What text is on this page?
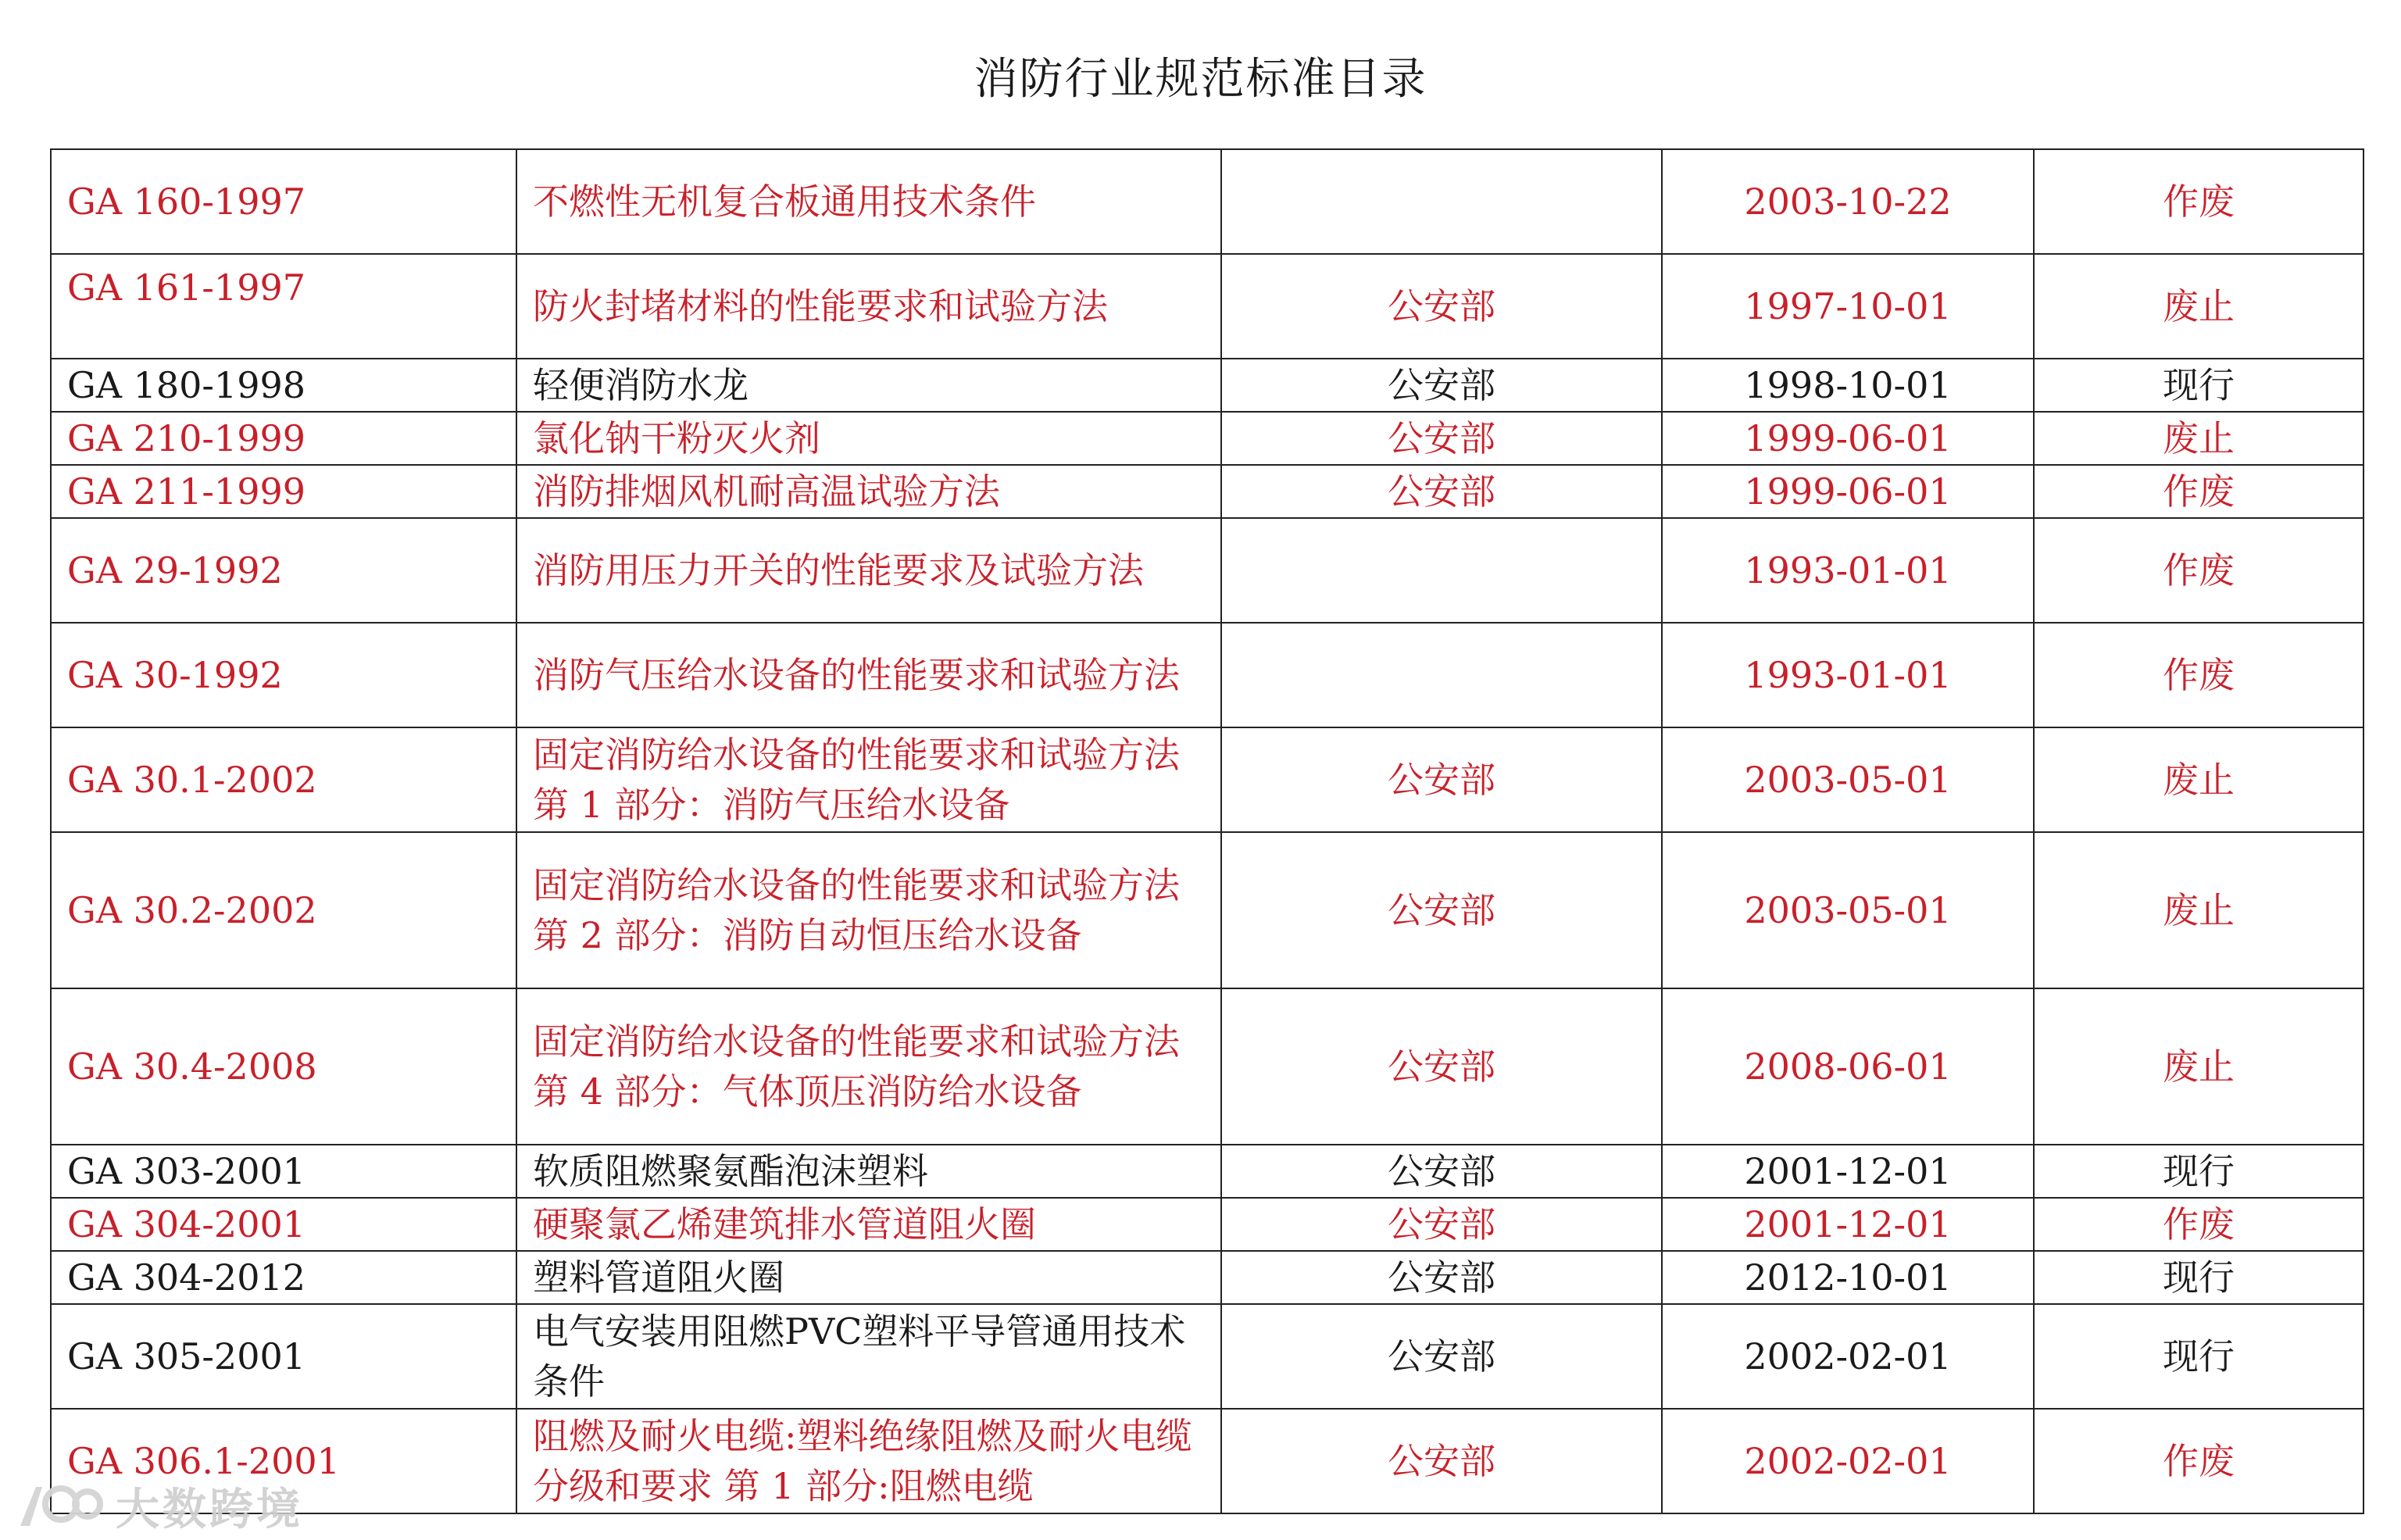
消防行业规范标准目录
GA 160-1997	不燃性无机复合板通用技术条件		2003-10-22	作废
GA 161-1997	防火封堵材料的性能要求和试验方法	公安部	1997-10-01	废止
GA 180-1998	轻便消防水龙	公安部	1998-10-01	现行
GA 210-1999	氯化钠干粉灭火剂	公安部	1999-06-01	废止
GA 211-1999	消防排烟风机耐高温试验方法	公安部	1999-06-01	作废
GA 29-1992	消防用压力开关的性能要求及试验方法		1993-01-01	作废
GA 30-1992	消防气压给水设备的性能要求和试验方法		1993-01-01	作废
GA 30.1-2002	固定消防给水设备的性能要求和试验方法 第 1 部分：消防气压给水设备	公安部	2003-05-01	废止
GA 30.2-2002	固定消防给水设备的性能要求和试验方法 第 2 部分：消防自动恒压给水设备	公安部	2003-05-01	废止
GA 30.4-2008	固定消防给水设备的性能要求和试验方法 第 4 部分：气体顶压消防给水设备	公安部	2008-06-01	废止
GA 303-2001	软质阻燃聚氨酯泡沫塑料	公安部	2001-12-01	现行
GA 304-2001	硬聚氯乙烯建筑排水管道阻火圈	公安部	2001-12-01	作废
GA 304-2012	塑料管道阻火圈	公安部	2012-10-01	现行
GA 305-2001	电气安装用阻燃PVC塑料平导管通用技术条件	公安部	2002-02-01	现行
GA 306.1-2001	阻燃及耐火电缆:塑料绝缘阻燃及耐火电缆分级和要求 第 1 部分:阻燃电缆	公安部	2002-02-01	作废
大数跨境
